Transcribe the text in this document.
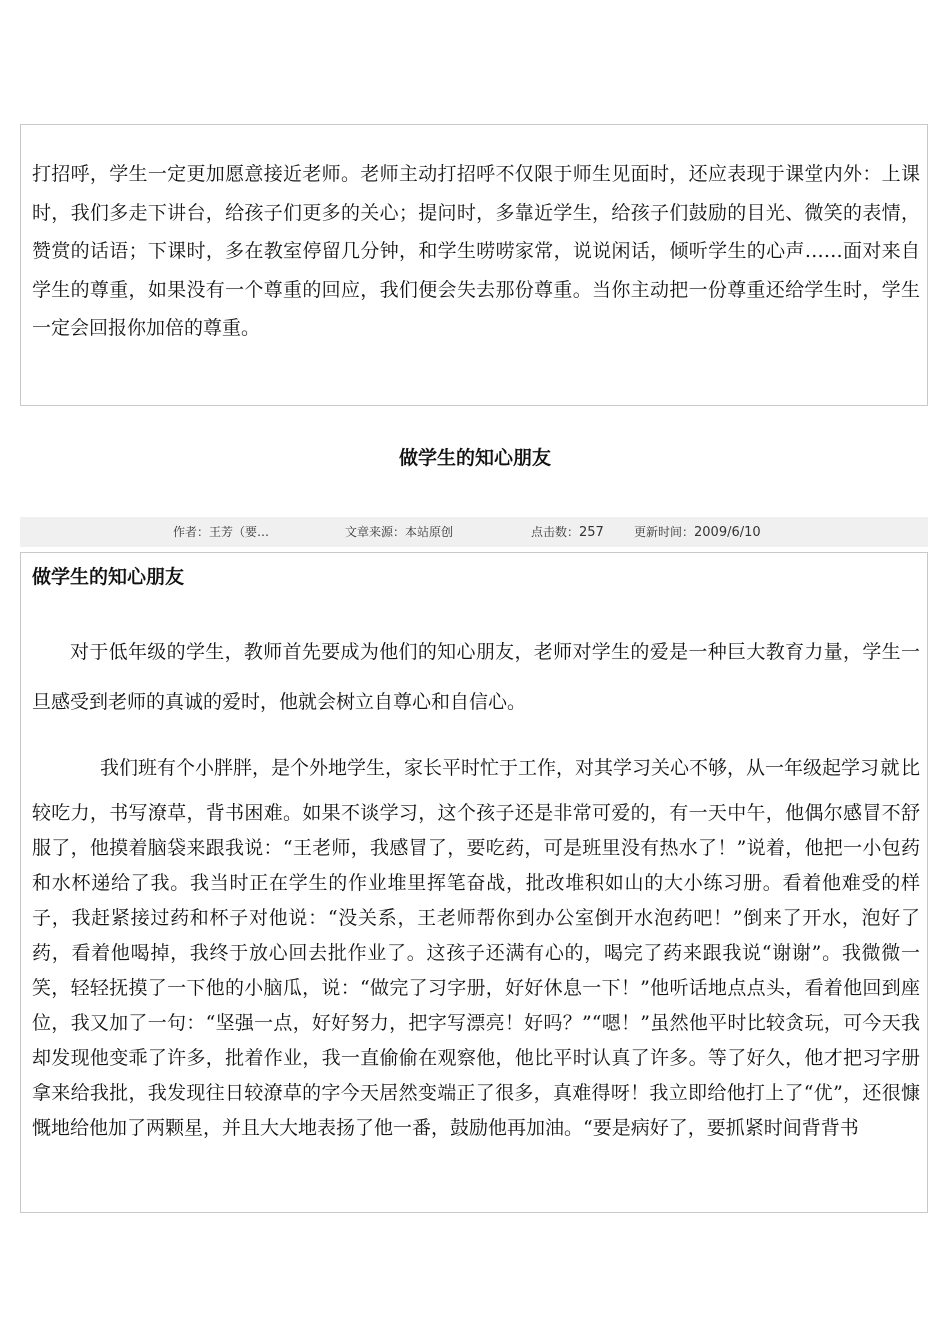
打招呼，学生一定更加愿意接近老师。老师主动打招呼不仅限于师生见面时，还应表现于课堂内外：上课时，我们多走下讲台，给孩子们更多的关心；提问时，多靠近学生，给孩子们鼓励的目光、微笑的表情，赞赏的话语；下课时，多在教室停留几分钟，和学生唠唠家常，说说闲话，倾听学生的心声……面对来自学生的尊重，如果没有一个尊重的回应，我们便会失去那份尊重。当你主动把一份尊重还给学生时，学生一定会回报你加倍的尊重。

做学生的知心朋友
作者：王芳（要…	文章来源：本站原创	点击数：257	更新时间：2009/6/10
做学生的知心朋友

对于低年级的学生，教师首先要成为他们的知心朋友，老师对学生的爱是一种巨大教育力量，学生一旦感受到老师的真诚的爱时，他就会树立自尊心和自信心。

我们班有个小胖胖，是个外地学生，家长平时忙于工作，对其学习关心不够，从一年级起学习就比较吃力，书写潦草，背书困难。如果不谈学习，这个孩子还是非常可爱的，有一天中午，他偶尔感冒不舒服了，他摸着脑袋来跟我说：“王老师，我感冒了，要吃药，可是班里没有热水了！”说着，他把一小包药和水杯递给了我。我当时正在学生的作业堆里挥笔奋战，批改堆积如山的大小练习册。看着他难受的样子，我赶紧接过药和杯子对他说：“没关系，王老师帮你到办公室倒开水泡药吧！”倒来了开水，泡好了药，看着他喝掉，我终于放心回去批作业了。这孩子还满有心的，喝完了药来跟我说“谢谢”。我微微一笑，轻轻抚摸了一下他的小脑瓜，说：“做完了习字册，好好休息一下！”他听话地点点头，看着他回到座位，我又加了一句：“坚强一点，好好努力，把字写漂亮！好吗？”“嗯！”虽然他平时比较贪玩，可今天我却发现他变乖了许多，批着作业，我一直偷偷在观察他，他比平时认真了许多。等了好久，他才把习字册拿来给我批，我发现往日较潦草的字今天居然变端正了很多，真难得呀！我立即给他打上了“优”，还很慷慨地给他加了两颗星，并且大大地表扬了他一番，鼓励他再加油。“要是病好了，要抓紧时间背背书
